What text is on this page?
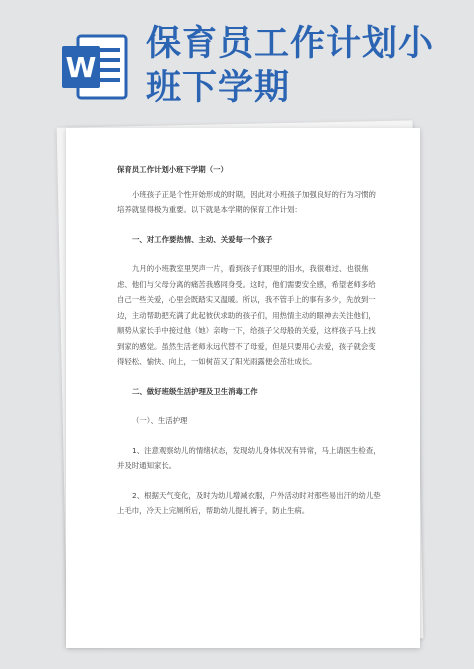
W
保育员工作计划小班下学期

保育员工作计划小班下学期（一）

小班孩子正是个性开始形成的时期，因此对小班孩子加强良好的行为习惯的培养就显得极为重要。以下就是本学期的保育工作计划：

一、对工作要热情、主动、关爱每一个孩子

九月的小班教室里哭声一片，看到孩子们眼里的泪水，我很难过、也很焦虑、他们与父母分离的痛苦我感同身受。这时，他们需要安全感，希望老师多给自己一些关爱，心里会既踏实又温暖。所以，我不管手上的事有多少，先放到一边，主动帮助把充满了此起彼伏求助的孩子们，用热情主动的眼神去关注他们，顺势从家长手中接过他（她）亲吻一下，给孩子父母般的关爱，这样孩子马上找到家的感觉。虽然生活老师永远代替不了母爱，但是只要用心去爱，孩子就会变得轻松、愉快、向上，一如树苗又了阳光雨露便会茁壮成长。

二、做好班级生活护理及卫生消毒工作

（一）、生活护理

1、注意观察幼儿的情绪状态，发现幼儿身体状况有异常，马上请医生检查，并及时通知家长。

2、根据天气变化，及时为幼儿增减衣服，户外活动时对那些易出汗的幼儿垫上毛巾，冷天上完厕所后，帮助幼儿提扎裤子，防止生病。
